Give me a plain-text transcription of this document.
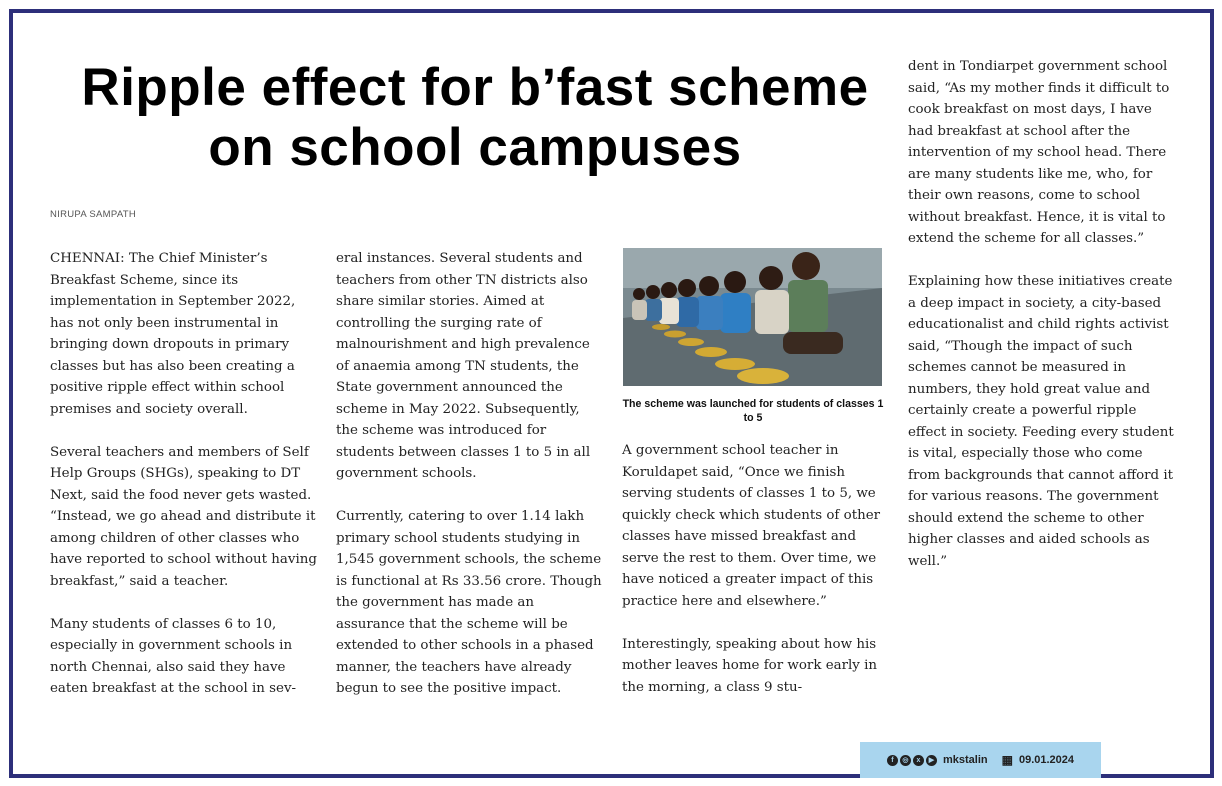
Ripple effect for b’fast scheme on school campuses
NIRUPA SAMPATH

CHENNAI: The Chief Minister’s Breakfast Scheme, since its implementation in September 2022, has not only been instrumental in bringing down dropouts in primary classes but has also been creating a positive ripple effect within school premises and society overall.

Several teachers and members of Self Help Groups (SHGs), speaking to DT Next, said the food never gets wasted. “Instead, we go ahead and distribute it among children of other classes who have reported to school without having breakfast,” said a teacher.

Many students of classes 6 to 10, especially in government schools in north Chennai, also said they have eaten breakfast at the school in sev-

eral instances. Several students and teachers from other TN districts also share similar stories. Aimed at controlling the surging rate of malnourishment and high prevalence of anaemia among TN students, the State government announced the scheme in May 2022. Subsequently, the scheme was introduced for students between classes 1 to 5 in all government schools.

Currently, catering to over 1.14 lakh primary school students studying in 1,545 government schools, the scheme is functional at Rs 33.56 crore. Though the government has made an assurance that the scheme will be extended to other schools in a phased manner, the teachers have already begun to see the positive impact.

The scheme was launched for students of classes 1 to 5

A government school teacher in Koruldapet said, “Once we finish serving students of classes 1 to 5, we quickly check which students of other classes have missed breakfast and serve the rest to them. Over time, we have noticed a greater impact of this practice here and elsewhere.”

Interestingly, speaking about how his mother leaves home for work early in the morning, a class 9 stu-

dent in Tondiarpet government school said, “As my mother finds it difficult to cook breakfast on most days, I have had breakfast at school after the intervention of my school head. There are many students like me, who, for their own reasons, come to school without breakfast. Hence, it is vital to extend the scheme for all classes.”

Explaining how these initiatives create a deep impact in society, a city-based educationalist and child rights activist said, “Though the impact of such schemes cannot be measured in numbers, they hold great value and certainly create a powerful ripple effect in society. Feeding every student is vital, especially those who come from backgrounds that cannot afford it for various reasons. The government should extend the scheme to other higher classes and aided schools as well.”

f	◎	x	▶ mkstalin ▦ 09.01.2024
